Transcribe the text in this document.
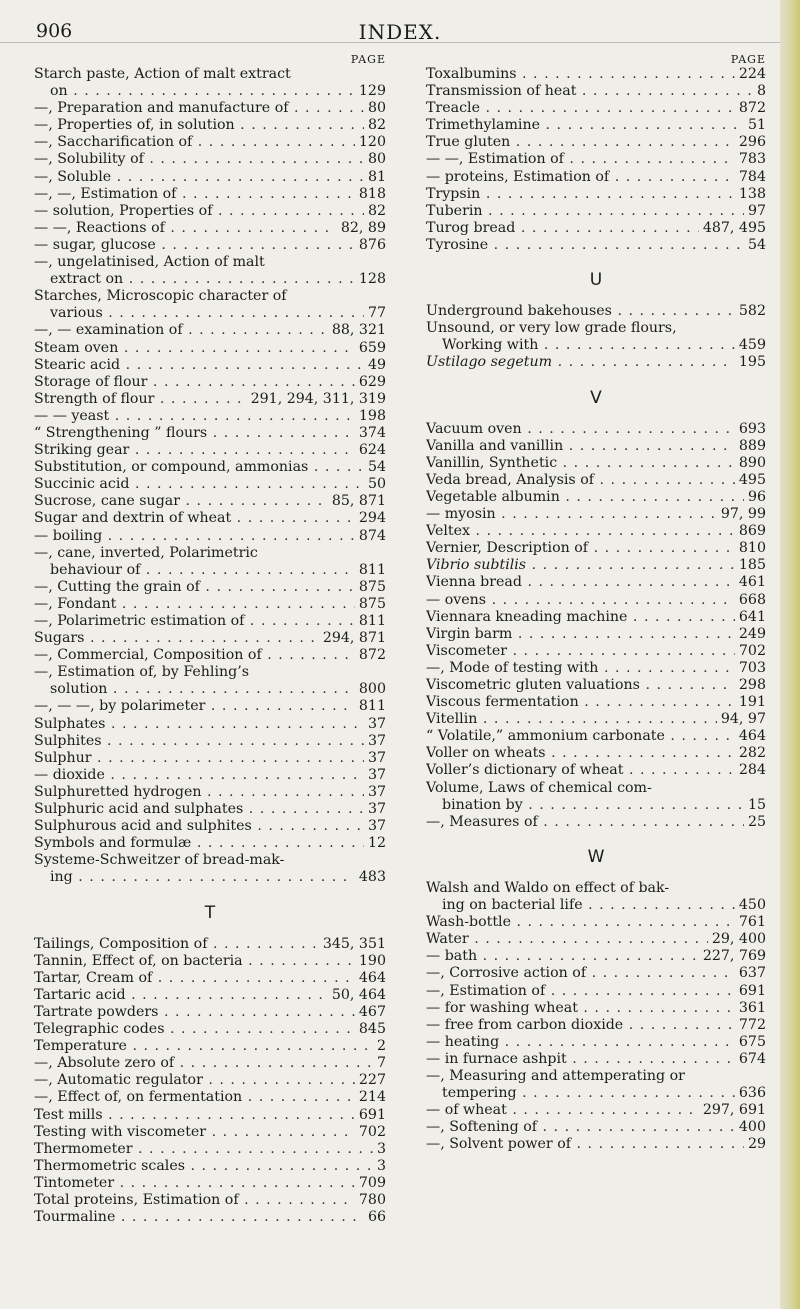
906	INDEX.
PAGE
Starch paste, Action of malt extract
on . . .	129
—, Preparation and manufacture of . . .	80
—, Properties of, in solution . . .	82
—, Saccharification of . . .	120
—, Solubility of . . .	80
—, Soluble . . .	81
—, —, Estimation of . . .	818
— solution, Properties of . . .	82
— —, Reactions of . . .	82, 89
— sugar, glucose . . .	876
—, ungelatinised, Action of malt
extract on . . .	128
Starches, Microscopic character of
various . . .	77
—, — examination of . . .	88, 321
Steam oven . . .	659
Stearic acid . . .	49
Storage of flour . . .	629
Strength of flour . . .	291, 294, 311, 319
— — yeast . . .	198
“ Strengthening ” flours . . .	374
Striking gear . . .	624
Substitution, or compound, ammonias . . .	54
Succinic acid . . .	50
Sucrose, cane sugar . . .	85, 871
Sugar and dextrin of wheat . . .	294
— boiling . . .	874
—, cane, inverted, Polarimetric
behaviour of . . .	811
—, Cutting the grain of . . .	875
—, Fondant . . .	875
—, Polarimetric estimation of . . .	811
Sugars . . .	294, 871
—, Commercial, Composition of . . .	872
—, Estimation of, by Fehling’s
solution . . .	800
—, — —, by polarimeter . . .	811
Sulphates . . .	37
Sulphites . . .	37
Sulphur . . .	37
— dioxide . . .	37
Sulphuretted hydrogen . . .	37
Sulphuric acid and sulphates . . .	37
Sulphurous acid and sulphites . . .	37
Symbols and formulæ . . .	12
Systeme-Schweitzer of bread-mak-
ing . . .	483
T
Tailings, Composition of . . .	345, 351
Tannin, Effect of, on bacteria . . .	190
Tartar, Cream of . . .	464
Tartaric acid . . .	50, 464
Tartrate powders . . .	467
Telegraphic codes . . .	845
Temperature . . .	2
—, Absolute zero of . . .	7
—, Automatic regulator . . .	227
—, Effect of, on fermentation . . .	214
Test mills . . .	691
Testing with viscometer . . .	702
Thermometer . . .	3
Thermometric scales . . .	3
Tintometer . . .	709
Total proteins, Estimation of . . .	780
Tourmaline . . .	66
PAGE
Toxalbumins . . .	224
Transmission of heat . . .	8
Treacle . . .	872
Trimethylamine . . .	51
True gluten . . .	296
— —, Estimation of . . .	783
— proteins, Estimation of . . .	784
Trypsin . . .	138
Tuberin . . .	97
Turog bread . . .	487, 495
Tyrosine . . .	54
U
Underground bakehouses . . .	582
Unsound, or very low grade flours,
Working with . . .	459
Ustilago segetum . . .	195
V
Vacuum oven . . .	693
Vanilla and vanillin . . .	889
Vanillin, Synthetic . . .	890
Veda bread, Analysis of . . .	495
Vegetable albumin . . .	96
— myosin . . .	97, 99
Veltex . . .	869
Vernier, Description of . . .	810
Vibrio subtilis . . .	185
Vienna bread . . .	461
— ovens . . .	668
Viennara kneading machine . . .	641
Virgin barm . . .	249
Viscometer . . .	702
—, Mode of testing with . . .	703
Viscometric gluten valuations . . .	298
Viscous fermentation . . .	191
Vitellin . . .	94, 97
“ Volatile,” ammonium carbonate . . .	464
Voller on wheats . . .	282
Voller’s dictionary of wheat . . .	284
Volume, Laws of chemical com-
bination by . . .	15
—, Measures of . . .	25
W
Walsh and Waldo on effect of bak-
ing on bacterial life . . .	450
Wash-bottle . . .	761
Water . . .	29, 400
— bath . . .	227, 769
—, Corrosive action of . . .	637
—, Estimation of . . .	691
— for washing wheat . . .	361
— free from carbon dioxide . . .	772
— heating . . .	675
— in furnace ashpit . . .	674
—, Measuring and attemperating or
tempering . . .	636
— of wheat . . .	297, 691
—, Softening of . . .	400
—, Solvent power of . . .	29
